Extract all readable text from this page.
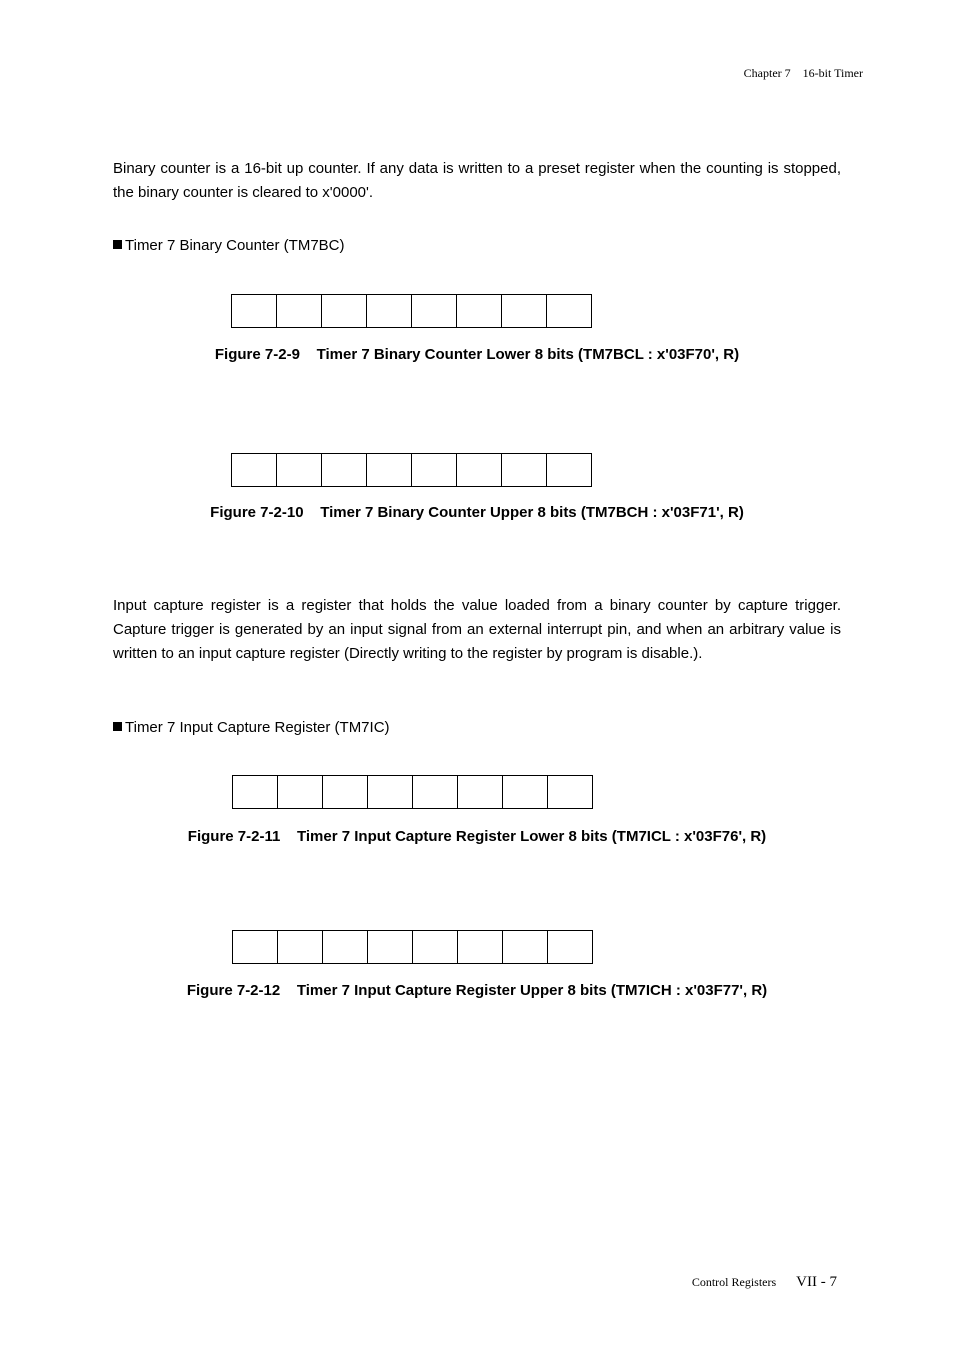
Chapter 7    16-bit Timer
Binary counter is a 16-bit up counter. If any data is written to a preset register when the counting is stopped, the binary counter is cleared to x'0000'.
Timer 7 Binary Counter (TM7BC)
Figure 7-2-9    Timer 7 Binary Counter Lower 8 bits (TM7BCL : x'03F70', R)
Figure 7-2-10    Timer 7 Binary Counter Upper 8 bits (TM7BCH : x'03F71', R)
Input capture register is a register that holds the value loaded from a binary counter by capture trigger. Capture trigger is generated by an input signal from an external interrupt pin, and when an arbitrary value is written to an input capture register (Directly writing to the register by program is disable.).
Timer 7 Input Capture Register (TM7IC)
Figure 7-2-11    Timer 7 Input Capture Register Lower 8 bits (TM7ICL : x'03F76', R)
Figure 7-2-12    Timer 7 Input Capture Register Upper 8 bits (TM7ICH : x'03F77', R)
Control Registers VII - 7
